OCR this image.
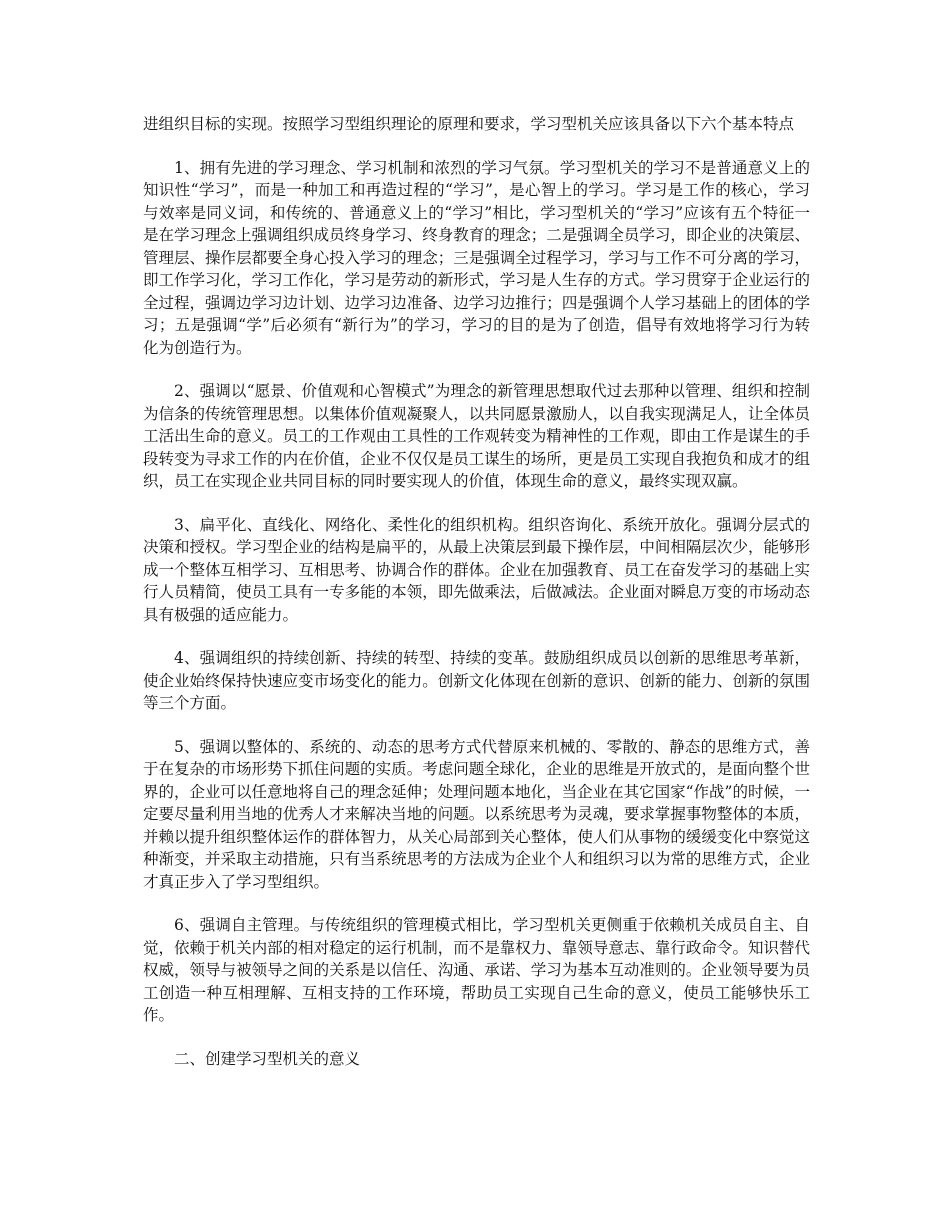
进组织目标的实现。按照学习型组织理论的原理和要求，学习型机关应该具备以下六个基本特点

1、拥有先进的学习理念、学习机制和浓烈的学习气氛。学习型机关的学习不是普通意义上的知识性“学习”，而是一种加工和再造过程的“学习”，是心智上的学习。学习是工作的核心，学习与效率是同义词，和传统的、普通意义上的“学习”相比，学习型机关的“学习”应该有五个特征一是在学习理念上强调组织成员终身学习、终身教育的理念；二是强调全员学习，即企业的决策层、管理层、操作层都要全身心投入学习的理念；三是强调全过程学习，学习与工作不可分离的学习，即工作学习化，学习工作化，学习是劳动的新形式，学习是人生存的方式。学习贯穿于企业运行的全过程，强调边学习边计划、边学习边准备、边学习边推行；四是强调个人学习基础上的团体的学习；五是强调“学”后必须有“新行为”的学习，学习的目的是为了创造，倡导有效地将学习行为转化为创造行为。

2、强调以“愿景、价值观和心智模式”为理念的新管理思想取代过去那种以管理、组织和控制为信条的传统管理思想。以集体价值观凝聚人，以共同愿景激励人，以自我实现满足人，让全体员工活出生命的意义。员工的工作观由工具性的工作观转变为精神性的工作观，即由工作是谋生的手段转变为寻求工作的内在价值，企业不仅仅是员工谋生的场所，更是员工实现自我抱负和成才的组织，员工在实现企业共同目标的同时要实现人的价值，体现生命的意义，最终实现双赢。

3、扁平化、直线化、网络化、柔性化的组织机构。组织咨询化、系统开放化。强调分层式的决策和授权。学习型企业的结构是扁平的，从最上决策层到最下操作层，中间相隔层次少，能够形成一个整体互相学习、互相思考、协调合作的群体。企业在加强教育、员工在奋发学习的基础上实行人员精简，使员工具有一专多能的本领，即先做乘法，后做减法。企业面对瞬息万变的市场动态具有极强的适应能力。

4、强调组织的持续创新、持续的转型、持续的变革。鼓励组织成员以创新的思维思考革新，使企业始终保持快速应变市场变化的能力。创新文化体现在创新的意识、创新的能力、创新的氛围等三个方面。

5、强调以整体的、系统的、动态的思考方式代替原来机械的、零散的、静态的思维方式，善于在复杂的市场形势下抓住问题的实质。考虑问题全球化，企业的思维是开放式的，是面向整个世界的，企业可以任意地将自己的理念延伸；处理问题本地化，当企业在其它国家“作战”的时候，一定要尽量利用当地的优秀人才来解决当地的问题。以系统思考为灵魂，要求掌握事物整体的本质，并赖以提升组织整体运作的群体智力，从关心局部到关心整体，使人们从事物的缓缓变化中察觉这种渐变，并采取主动措施，只有当系统思考的方法成为企业个人和组织习以为常的思维方式，企业才真正步入了学习型组织。

6、强调自主管理。与传统组织的管理模式相比，学习型机关更侧重于依赖机关成员自主、自觉，依赖于机关内部的相对稳定的运行机制，而不是靠权力、靠领导意志、靠行政命令。知识替代权威，领导与被领导之间的关系是以信任、沟通、承诺、学习为基本互动准则的。企业领导要为员工创造一种互相理解、互相支持的工作环境，帮助员工实现自己生命的意义，使员工能够快乐工作。

二、创建学习型机关的意义
